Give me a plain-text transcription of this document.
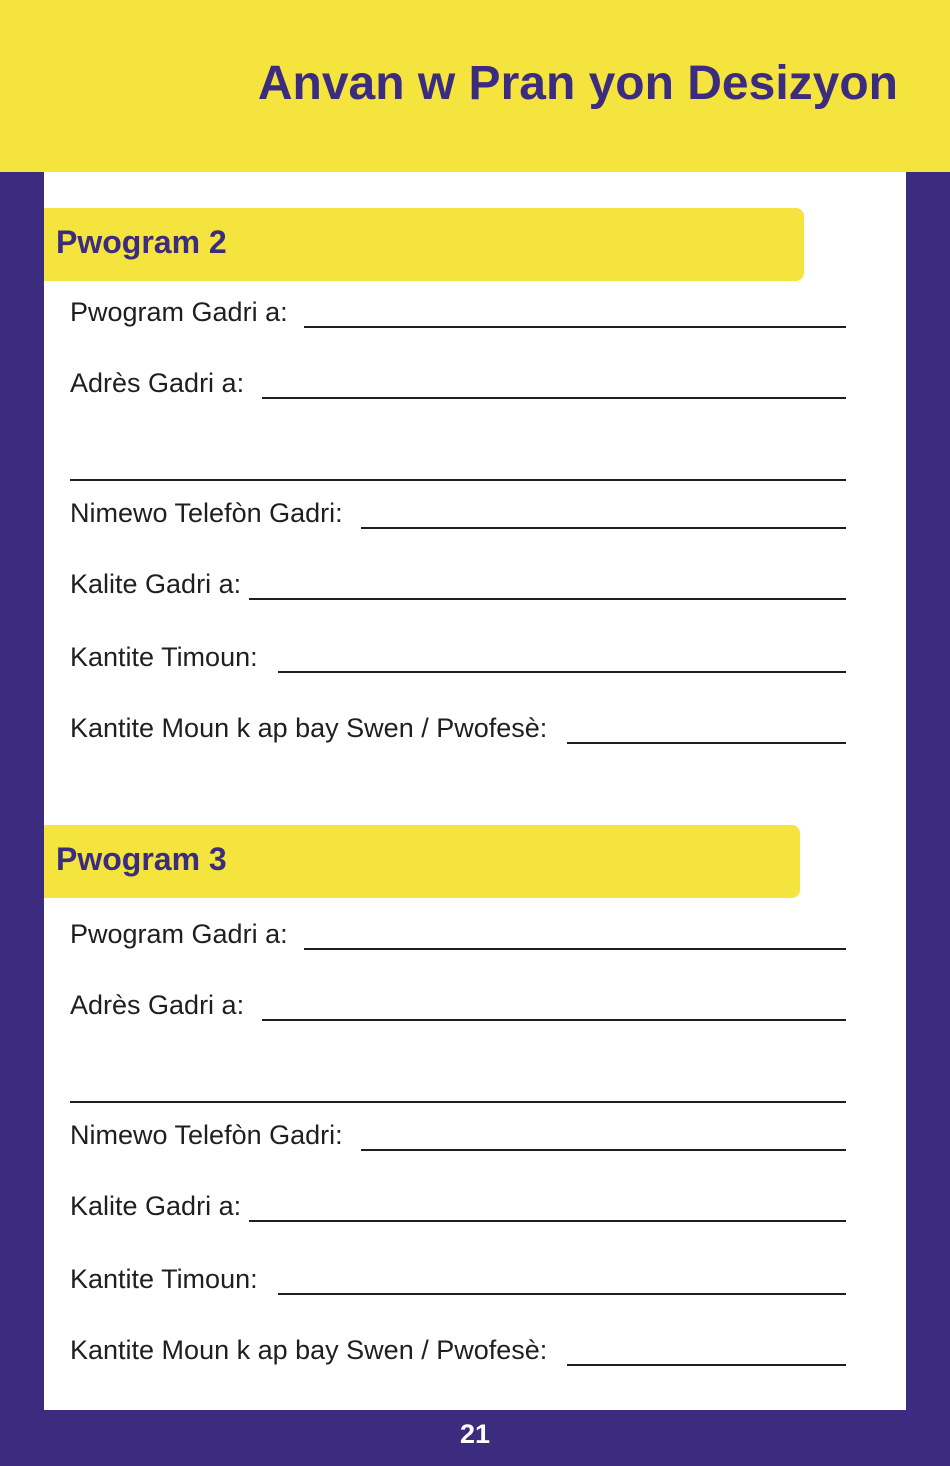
Anvan w Pran yon Desizyon
Pwogram 2
Pwogram Gadri a:
Adrès Gadri a:
Nimewo Telefòn Gadri:
Kalite Gadri a:
Kantite Timoun:
Kantite Moun k ap bay Swen / Pwofesè:
Pwogram 3
Pwogram Gadri a:
Adrès Gadri a:
Nimewo Telefòn Gadri:
Kalite Gadri a:
Kantite Timoun:
Kantite Moun k ap bay Swen / Pwofesè:
21
